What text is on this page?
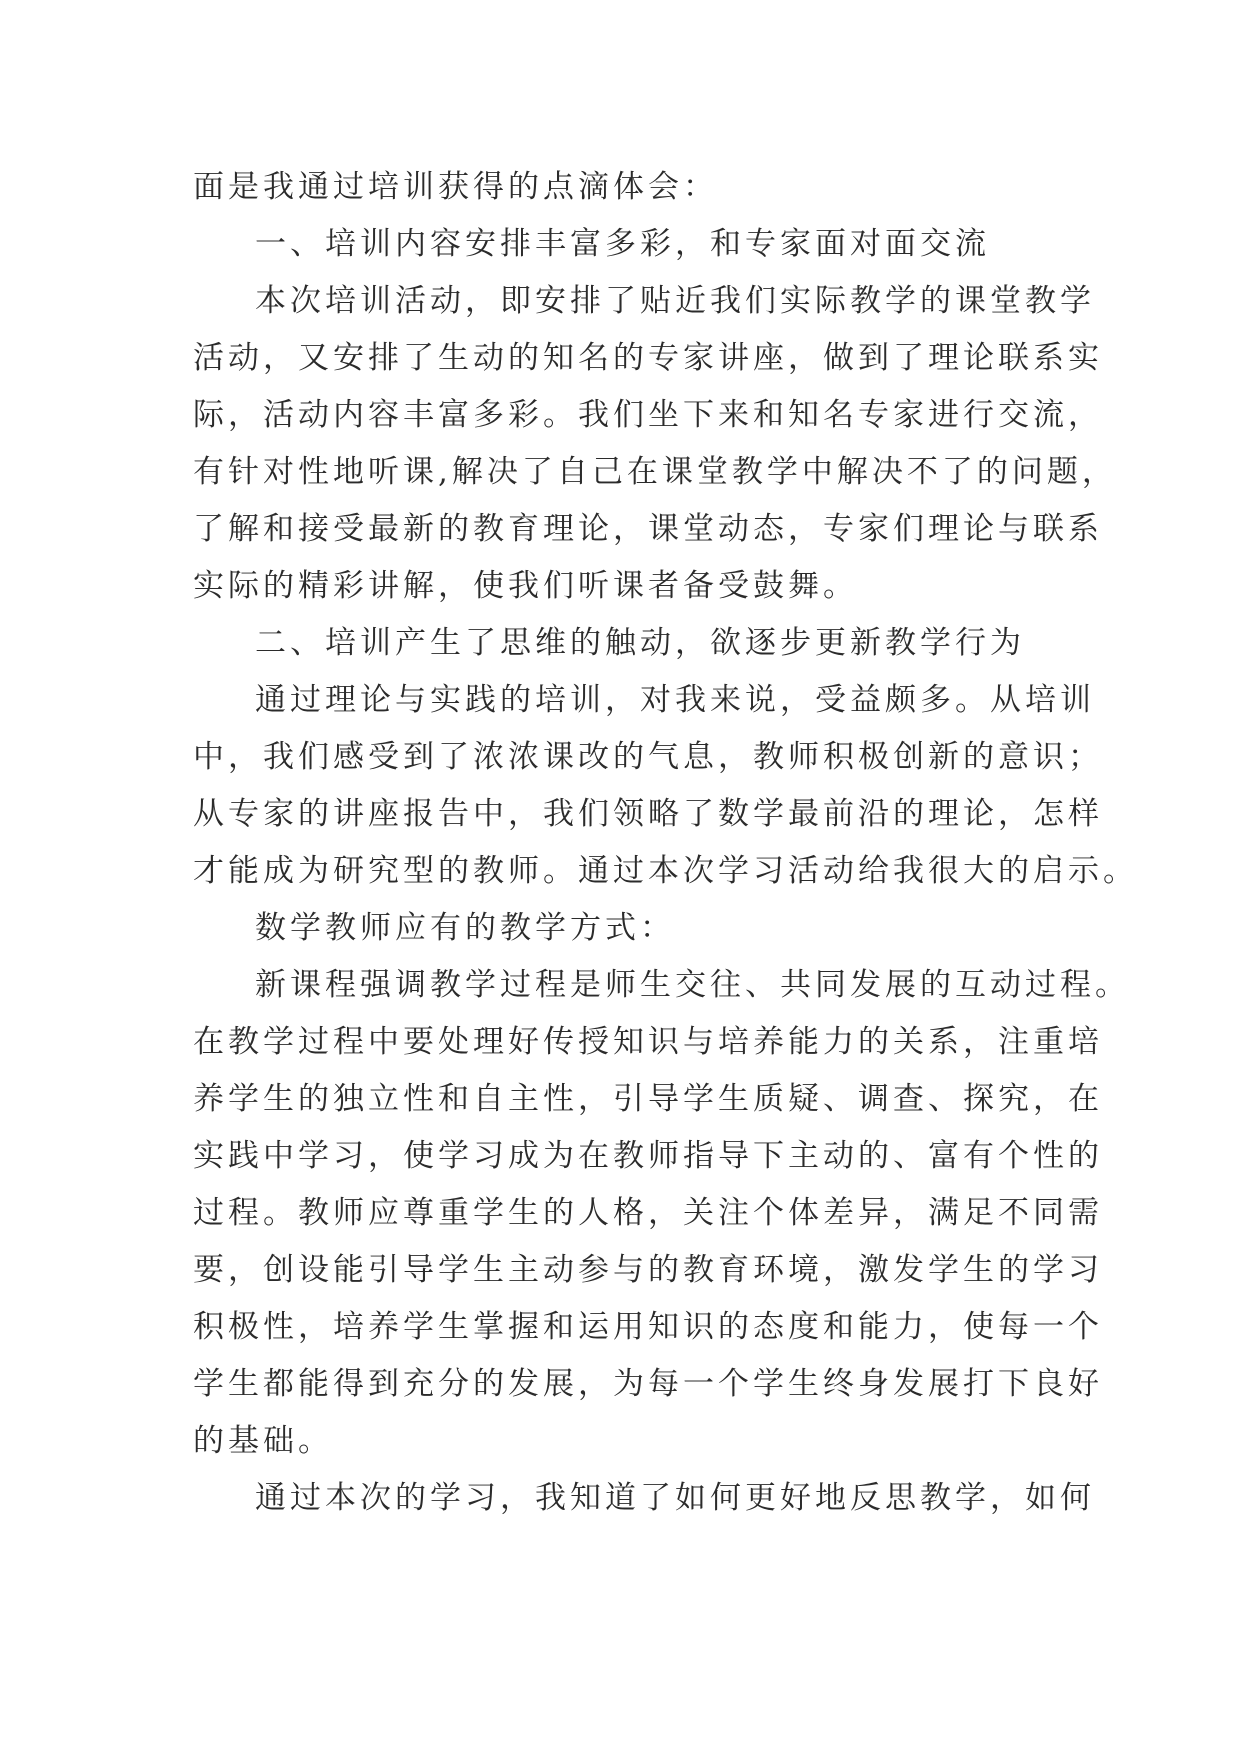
面是我通过培训获得的点滴体会：
一、培训内容安排丰富多彩，和专家面对面交流
本次培训活动，即安排了贴近我们实际教学的课堂教学
活动，又安排了生动的知名的专家讲座，做到了理论联系实
际，活动内容丰富多彩。我们坐下来和知名专家进行交流，
有针对性地听课,解决了自己在课堂教学中解决不了的问题，
了解和接受最新的教育理论，课堂动态，专家们理论与联系
实际的精彩讲解，使我们听课者备受鼓舞。
二、培训产生了思维的触动，欲逐步更新教学行为
通过理论与实践的培训，对我来说，受益颇多。从培训
中，我们感受到了浓浓课改的气息，教师积极创新的意识；
从专家的讲座报告中，我们领略了数学最前沿的理论，怎样
才能成为研究型的教师。通过本次学习活动给我很大的启示。
数学教师应有的教学方式：
新课程强调教学过程是师生交往、共同发展的互动过程。
在教学过程中要处理好传授知识与培养能力的关系，注重培
养学生的独立性和自主性，引导学生质疑、调查、探究，在
实践中学习，使学习成为在教师指导下主动的、富有个性的
过程。教师应尊重学生的人格，关注个体差异，满足不同需
要，创设能引导学生主动参与的教育环境，激发学生的学习
积极性，培养学生掌握和运用知识的态度和能力，使每一个
学生都能得到充分的发展，为每一个学生终身发展打下良好
的基础。
通过本次的学习，我知道了如何更好地反思教学，如何
